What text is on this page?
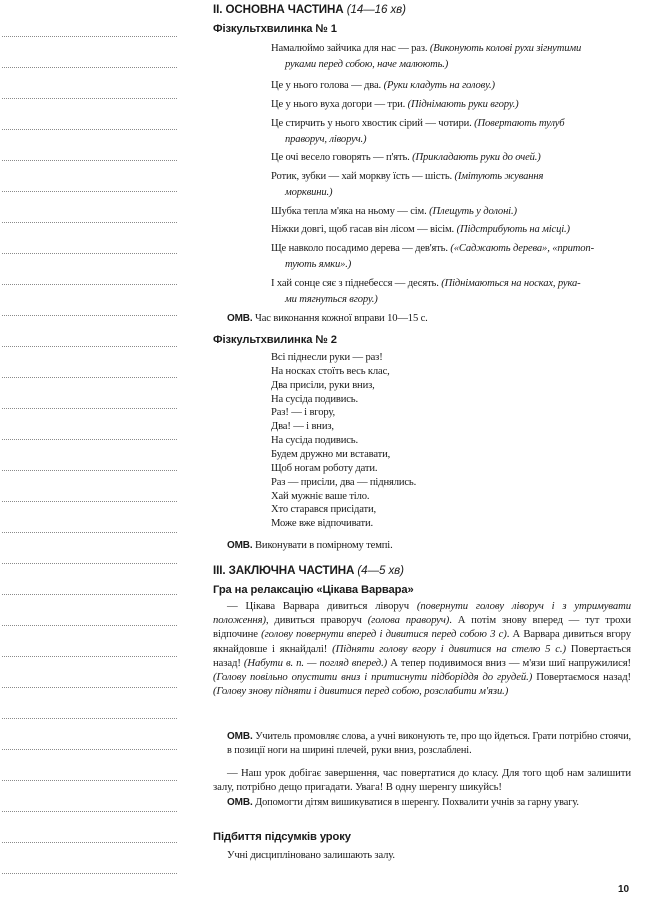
II. ОСНОВНА ЧАСТИНА (14—16 хв)
Фізкультхвилинка № 1
Намалюймо зайчика для нас — раз. (Виконують колові рухи зігнутими
руками перед собою, наче малюють.)
Це у нього голова — два. (Руки кладуть на голову.)
Це у нього вуха догори — три. (Піднімають руки вгору.)
Це стирчить у нього хвостик сірий — чотири. (Повертають тулуб
праворуч, ліворуч.)
Це очі весело говорять — п'ять. (Прикладають руки до очей.)
Ротик, зубки — хай моркву їсть — шість. (Імітують жування
морквини.)
Шубка тепла м'яка на ньому — сім. (Плещуть у долоні.)
Ніжки довгі, щоб гасав він лісом — вісім. (Підстрибують на місці.)
Ще навколо посадимо дерева — дев'ять. («Саджають дерева», «притоп-
тують ямки».)
І хай сонце сяє з піднебесся — десять. (Піднімаються на носках, рука-
ми тягнуться вгору.)
ОМВ. Час виконання кожної вправи 10—15 с.
Фізкультхвилинка № 2
Всі піднесли руки — раз!
На носках стоїть весь клас,
Два присіли, руки вниз,
На сусіда подивись.
Раз! — і вгору,
Два! — і вниз,
На сусіда подивись.
Будем дружно ми вставати,
Щоб ногам роботу дати.
Раз — присіли, два — піднялись.
Хай мужніє ваше тіло.
Хто старався присідати,
Може вже відпочивати.
ОМВ. Виконувати в помірному темпі.
III. ЗАКЛЮЧНА ЧАСТИНА (4—5 хв)
Гра на релаксацію «Цікава Варвара»
— Цікава Варвара дивиться ліворуч (повернути голову ліворуч і з утримувати положення), дивиться праворуч (голова праворуч). А потім знову вперед — тут трохи відпочине (голову повернути вперед і дивитися перед собою 3 с). А Варвара дивиться вгору якнайдовше і якнайдалі! (Підняти голову вгору і дивитися на стелю 5 с.) Повертається назад! (Набути в. п. — погляд вперед.) А тепер подивимося вниз — м'язи шиї напружилися! (Голову повільно опустити вниз і притиснути підборіддя до грудей.) Повертаємося назад! (Голову знову підняти і дивитися перед собою, розслабити м'язи.)
ОМВ. Учитель промовляє слова, а учні виконують те, про що йдеться. Грати потрібно стоячи, в позиції ноги на ширині плечей, руки вниз, розслаблені.
— Наш урок добігає завершення, час повертатися до класу. Для того щоб нам залишити залу, потрібно дещо пригадати. Увага! В одну шеренгу шикуйсь!
ОМВ. Допомогти дітям вишикуватися в шеренгу. Похвалити учнів за гарну увагу.
Підбиття підсумків уроку
Учні дисципліновано залишають залу.
10
